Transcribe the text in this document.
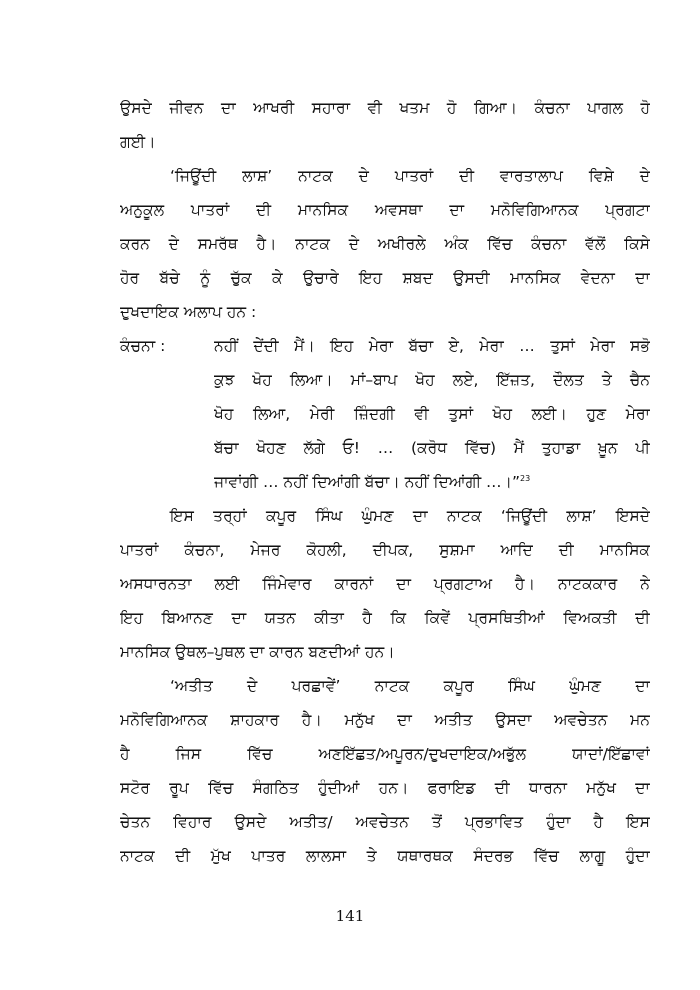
ਉਸਦੇ ਜੀਵਨ ਦਾ ਆਖਰੀ ਸਹਾਰਾ ਵੀ ਖਤਮ ਹੋ ਗਿਆ। ਕੰਚਨਾ ਪਾਗਲ ਹੋ
ਗਈ।
‘ਜਿਊਂਦੀ ਲਾਸ਼’ ਨਾਟਕ ਦੇ ਪਾਤਰਾਂ ਦੀ ਵਾਰਤਾਲਾਪ ਵਿਸ਼ੇ ਦੇ
ਅਨੁਕੂਲ ਪਾਤਰਾਂ ਦੀ ਮਾਨਸਿਕ ਅਵਸਥਾ ਦਾ ਮਨੋਵਿਗਿਆਨਕ ਪ੍ਰਗਟਾ
ਕਰਨ ਦੇ ਸਮਰੱਥ ਹੈ। ਨਾਟਕ ਦੇ ਅਖੀਰਲੇ ਅੰਕ ਵਿੱਚ ਕੰਚਨਾ ਵੱਲੋਂ ਕਿਸੇ
ਹੋਰ ਬੱਚੇ ਨੂੰ ਚੁੱਕ ਕੇ ਉਚਾਰੇ ਇਹ ਸ਼ਬਦ ਉਸਦੀ ਮਾਨਸਿਕ ਵੇਦਨਾ ਦਾ
ਦੁਖਦਾਇਕ ਅਲਾਪ ਹਨ :
ਕੰਚਨਾ :	ਨਹੀਂ ਦੇਂਦੀ ਮੈਂ। ਇਹ ਮੇਰਾ ਬੱਚਾ ਏ, ਮੇਰਾ … ਤੁਸਾਂ ਮੇਰਾ ਸਭੋ
ਕੁਝ ਖੋਹ ਲਿਆ। ਮਾਂ–ਬਾਪ ਖੋਹ ਲਏ, ਇੱਜ਼ਤ, ਦੌਲਤ ਤੇ ਚੈਨ
ਖੋਹ ਲਿਆ, ਮੇਰੀ ਜ਼ਿੰਦਗੀ ਵੀ ਤੁਸਾਂ ਖੋਹ ਲਈ। ਹੁਣ ਮੇਰਾ
ਬੱਚਾ ਖੋਹਣ ਲੱਗੇ ਓ! … (ਕਰੋਧ ਵਿੱਚ) ਮੈਂ ਤੁਹਾਡਾ ਖ਼ੂਨ ਪੀ
ਜਾਵਾਂਗੀ … ਨਹੀਂ ਦਿਆਂਗੀ ਬੱਚਾ। ਨਹੀਂ ਦਿਆਂਗੀ …।”$^{23}$
ਇਸ ਤਰ੍ਹਾਂ ਕਪੂਰ ਸਿੰਘ ਘੁੰਮਣ ਦਾ ਨਾਟਕ ‘ਜਿਊਂਦੀ ਲਾਸ਼’ ਇਸਦੇ
ਪਾਤਰਾਂ ਕੰਚਨਾ, ਮੇਜਰ ਕੋਹਲੀ, ਦੀਪਕ, ਸੁਸ਼ਮਾ ਆਦਿ ਦੀ ਮਾਨਸਿਕ
ਅਸਧਾਰਨਤਾ ਲਈ ਜਿੰਮੇਵਾਰ ਕਾਰਨਾਂ ਦਾ ਪ੍ਰਗਟਾਅ ਹੈ। ਨਾਟਕਕਾਰ ਨੇ
ਇਹ ਬਿਆਨਣ ਦਾ ਯਤਨ ਕੀਤਾ ਹੈ ਕਿ ਕਿਵੇਂ ਪ੍ਰਸਥਿਤੀਆਂ ਵਿਅਕਤੀ ਦੀ
ਮਾਨਸਿਕ ਉਥਲ–ਪੁਥਲ ਦਾ ਕਾਰਨ ਬਣਦੀਆਂ ਹਨ।
‘ਅਤੀਤ ਦੇ ਪਰਛਾਵੇਂ’ ਨਾਟਕ ਕਪੂਰ ਸਿੰਘ ਘੁੰਮਣ ਦਾ
ਮਨੋਵਿਗਿਆਨਕ ਸ਼ਾਹਕਾਰ ਹੈ। ਮਨੁੱਖ ਦਾ ਅਤੀਤ ਉਸਦਾ ਅਵਚੇਤਨ ਮਨ
ਹੈ ਜਿਸ ਵਿੱਚ ਅਣਇੱਛਤ/ਅਪੂਰਨ/ਦੁਖਦਾਇਕ/ਅਭੁੱਲ ਯਾਦਾਂ/ਇੱਛਾਵਾਂ
ਸਟੋਰ ਰੂਪ ਵਿੱਚ ਸੰਗਠਿਤ ਹੁੰਦੀਆਂ ਹਨ। ਫਰਾਇਡ ਦੀ ਧਾਰਨਾ ਮਨੁੱਖ ਦਾ
ਚੇਤਨ ਵਿਹਾਰ ਉਸਦੇ ਅਤੀਤ/ ਅਵਚੇਤਨ ਤੋਂ ਪ੍ਰਭਾਵਿਤ ਹੁੰਦਾ ਹੈ ਇਸ
ਨਾਟਕ ਦੀ ਮੁੱਖ ਪਾਤਰ ਲਾਲਸਾ ਤੇ ਯਥਾਰਥਕ ਸੰਦਰਭ ਵਿੱਚ ਲਾਗੂ ਹੁੰਦਾ
141
